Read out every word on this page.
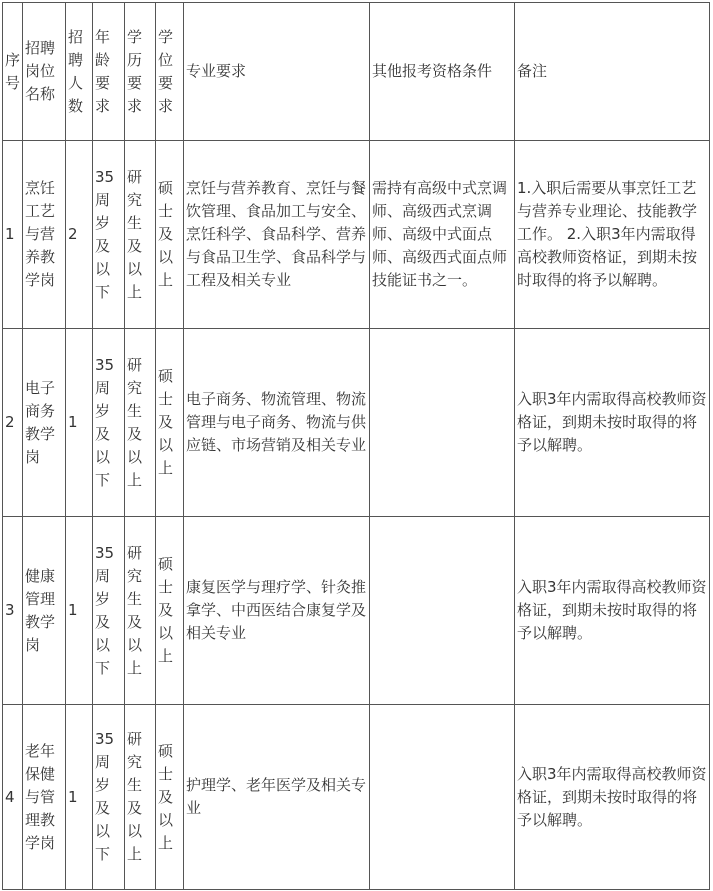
序号	招聘岗位名称	招聘人数	年龄要求	学历要求	学位要求	专业要求	其他报考资格条件	备注
1	烹饪工艺与营养教学岗	2	35周岁及以下	研究生及以上	硕士及以上	烹饪与营养教育、烹饪与餐饮管理、食品加工与安全、烹饪科学、食品科学、营养与食品卫生学、食品科学与工程及相关专业	需持有高级中式烹调师、高级西式烹调师、高级中式面点师、高级西式面点师技能证书之一。	1.入职后需要从事烹饪工艺与营养专业理论、技能教学工作。 2.入职3年内需取得高校教师资格证，到期未按时取得的将予以解聘。
2	电子商务教学岗	1	35周岁及以下	研究生及以上	硕士及以上	电子商务、物流管理、物流管理与电子商务、物流与供应链、市场营销及相关专业		入职3年内需取得高校教师资格证，到期未按时取得的将予以解聘。
3	健康管理教学岗	1	35周岁及以下	研究生及以上	硕士及以上	康复医学与理疗学、针灸推拿学、中西医结合康复学及相关专业		入职3年内需取得高校教师资格证，到期未按时取得的将予以解聘。
4	老年保健与管理教学岗	1	35周岁及以下	研究生及以上	硕士及以上	护理学、老年医学及相关专业		入职3年内需取得高校教师资格证，到期未按时取得的将予以解聘。
